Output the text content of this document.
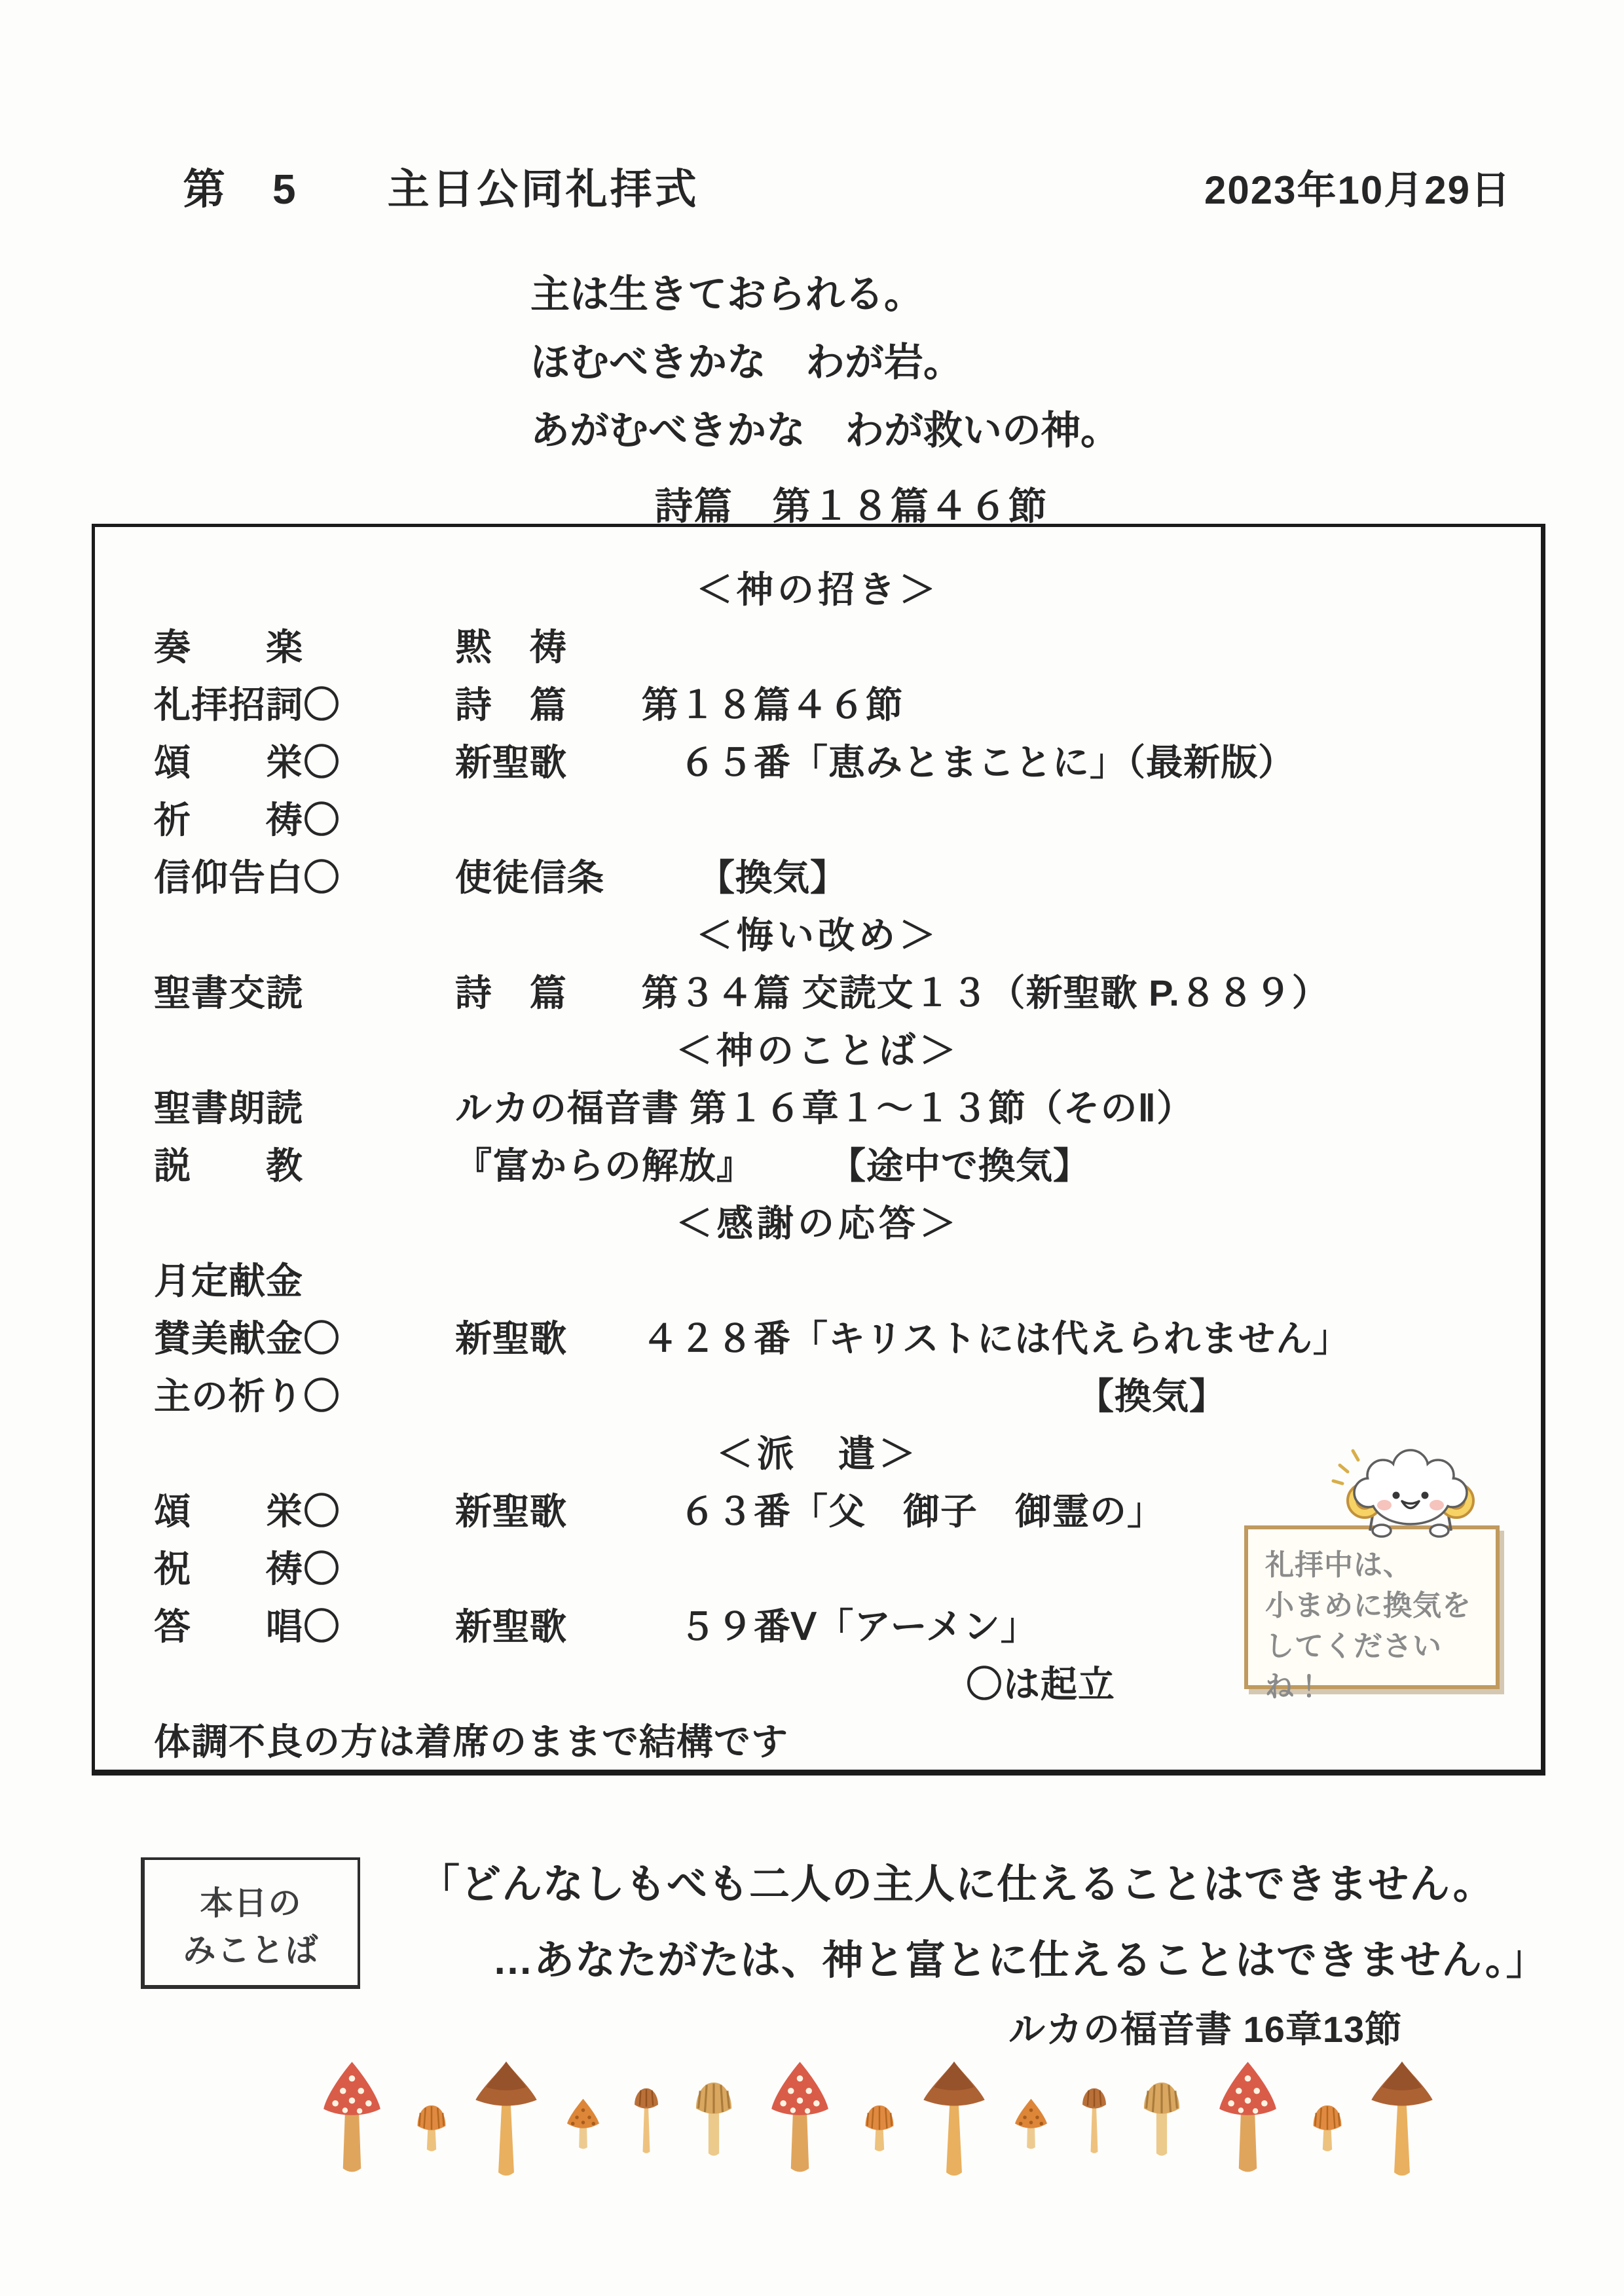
第　5　　主日公同礼拝式	2023年10月29日
主は生きておられる。
ほむべきかな　わが岩。
あがむべきかな　わが救いの神。
詩篇　第１８篇４６節
＜神の招き＞
奏　　楽	黙　祷
礼拝招詞〇	詩　篇　　第１８篇４６節
頌　　栄〇	新聖歌　　　６５番「恵みとまことに」（最新版）
祈　　祷〇
信仰告白〇	使徒信条　　　【換気】
＜悔い改め＞
聖書交読	詩　篇　　第３４篇 交読文１３（新聖歌 P.８８９）
＜神のことば＞
聖書朗読	ルカの福音書 第１６章１～１３節（そのⅡ）
説　　教	『富からの解放』　　　【途中で換気】
＜感謝の応答＞
月定献金
賛美献金〇	新聖歌　　４２８番「キリストには代えられません」
主の祈り〇	【換気】
＜派　遣＞
頌　　栄〇	新聖歌　　　６３番「父　御子　御霊の」
祝　　祷〇
答　　唱〇	新聖歌　　　５９番Ⅴ「アーメン」
〇は起立
体調不良の方は着席のままで結構です
礼拝中は、
小まめに換気を
してくださいね！
本日の
みことば
「どんなしもべも二人の主人に仕えることはできません。
…あなたがたは、神と富とに仕えることはできません。」
ルカの福音書 16章13節
